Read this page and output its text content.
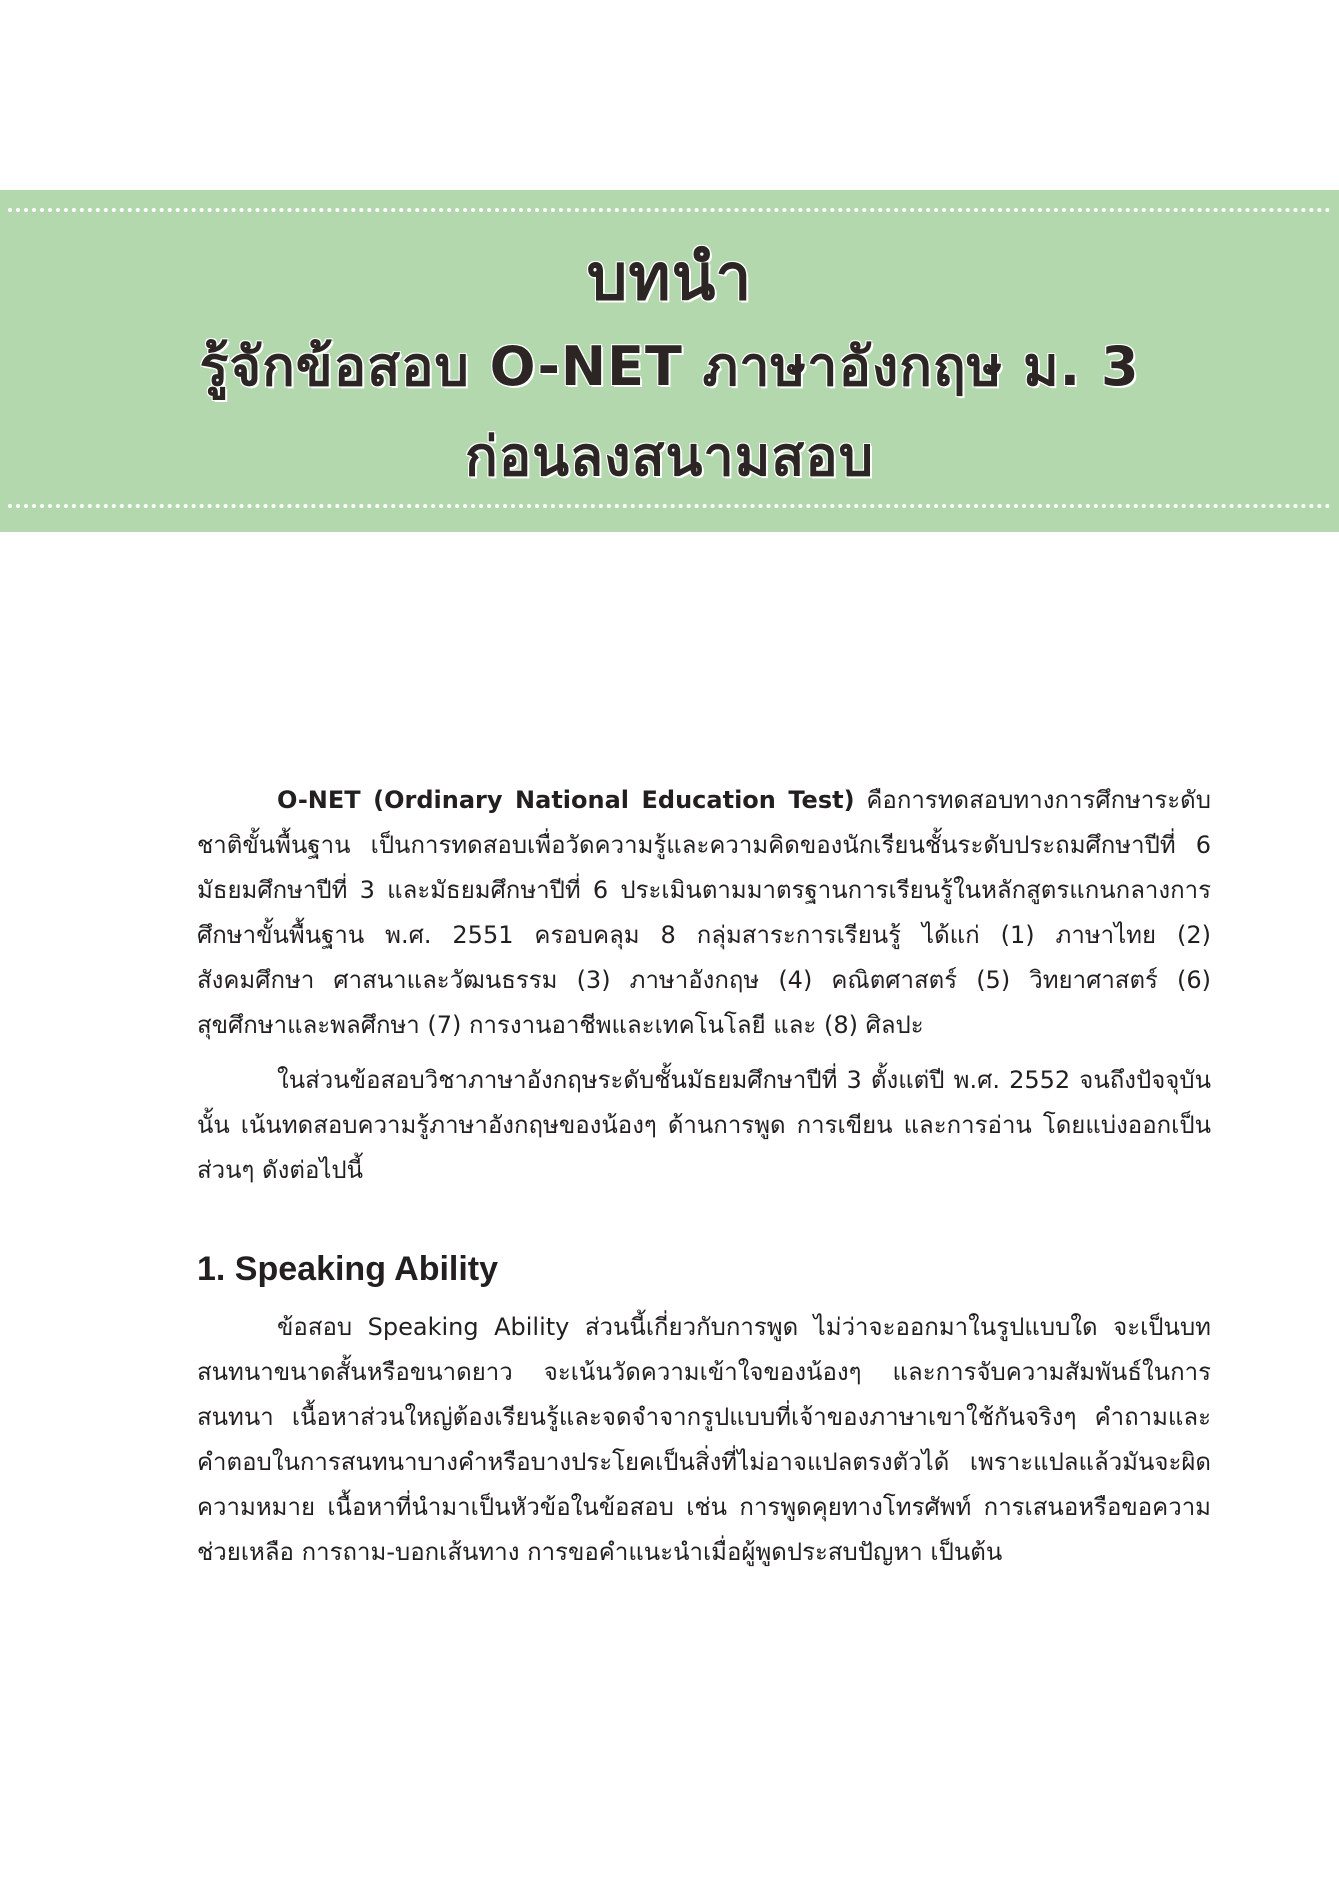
บทนำ
รู้จักข้อสอบ O-NET ภาษาอังกฤษ ม. 3
ก่อนลงสนามสอบ

O-NET (Ordinary National Education Test) คือการทดสอบทางการศึกษาระดับชาติขั้นพื้นฐาน เป็นการทดสอบเพื่อวัดความรู้และความคิดของนักเรียนชั้นระดับประถมศึกษาปีที่ 6 มัธยมศึกษาปีที่ 3 และมัธยมศึกษาปีที่ 6 ประเมินตามมาตรฐานการเรียนรู้ในหลักสูตรแกนกลางการศึกษาขั้นพื้นฐาน พ.ศ. 2551 ครอบคลุม 8 กลุ่มสาระการเรียนรู้ ได้แก่ (1) ภาษาไทย (2) สังคมศึกษา ศาสนาและวัฒนธรรม (3) ภาษาอังกฤษ (4) คณิตศาสตร์ (5) วิทยาศาสตร์ (6) สุขศึกษาและพลศึกษา (7) การงานอาชีพและเทคโนโลยี และ (8) ศิลปะ

ในส่วนข้อสอบวิชาภาษาอังกฤษระดับชั้นมัธยมศึกษาปีที่ 3 ตั้งแต่ปี พ.ศ. 2552 จนถึงปัจจุบันนั้น เน้นทดสอบความรู้ภาษาอังกฤษของน้องๆ ด้านการพูด การเขียน และการอ่าน โดยแบ่งออกเป็นส่วนๆ ดังต่อไปนี้

1. Speaking Ability

ข้อสอบ Speaking Ability ส่วนนี้เกี่ยวกับการพูด ไม่ว่าจะออกมาในรูปแบบใด จะเป็นบทสนทนาขนาดสั้นหรือขนาดยาว จะเน้นวัดความเข้าใจของน้องๆ และการจับความสัมพันธ์ในการสนทนา เนื้อหาส่วนใหญ่ต้องเรียนรู้และจดจำจากรูปแบบที่เจ้าของภาษาเขาใช้กันจริงๆ คำถามและคำตอบในการสนทนาบางคำหรือบางประโยคเป็นสิ่งที่ไม่อาจแปลตรงตัวได้ เพราะแปลแล้วมันจะผิดความหมาย เนื้อหาที่นำมาเป็นหัวข้อในข้อสอบ เช่น การพูดคุยทางโทรศัพท์ การเสนอหรือขอความช่วยเหลือ การถาม-บอกเส้นทาง การขอคำแนะนำเมื่อผู้พูดประสบปัญหา เป็นต้น
